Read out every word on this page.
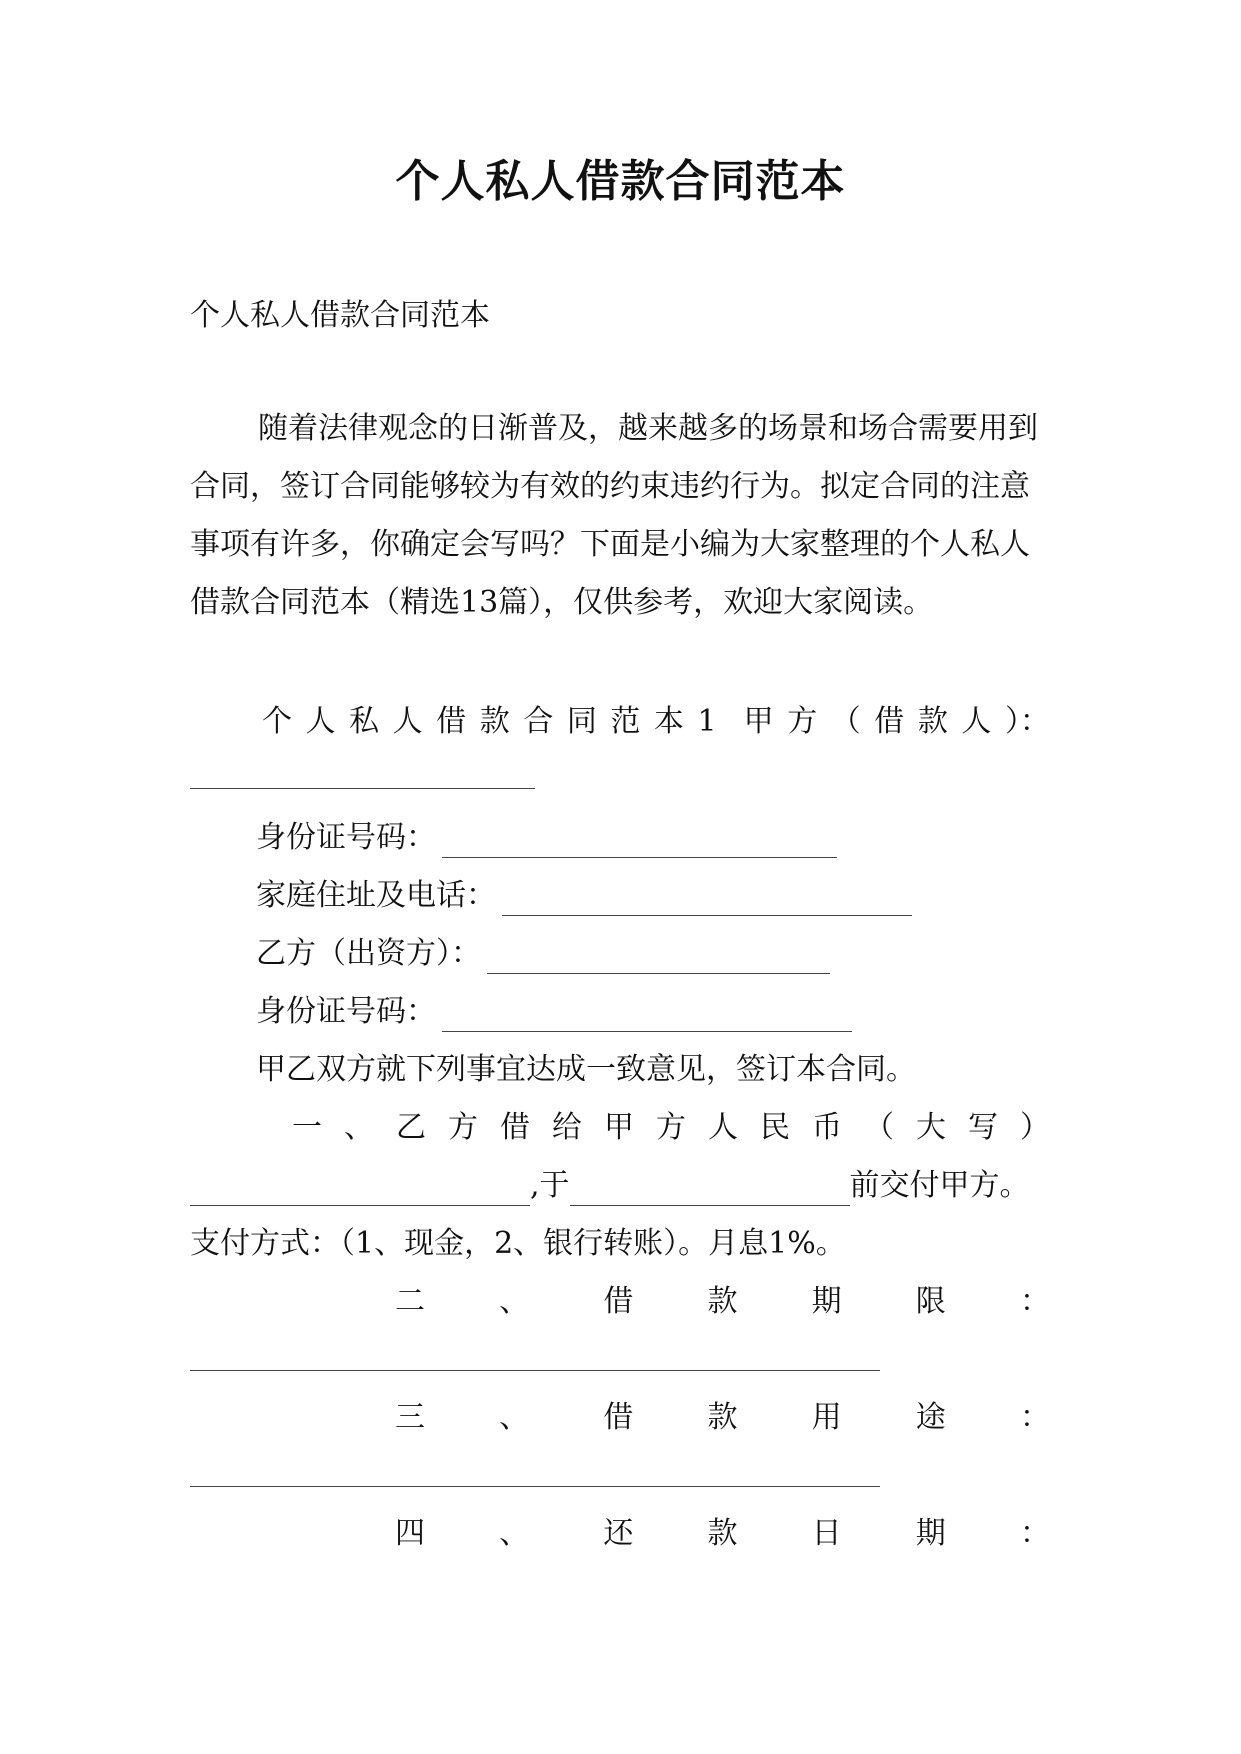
个人私人借款合同范本
个人私人借款合同范本
随着法律观念的日渐普及，越来越多的场景和场合需要用到合同，签订合同能够较为有效的约束违约行为。拟定合同的注意事项有许多，你确定会写吗？下面是小编为大家整理的个人私人借款合同范本（精选13篇），仅供参考，欢迎大家阅读。
个 人 私 人 借 款 合 同 范 本 1 甲 方 （ 借 款 人 ）：
身份证号码：
家庭住址及电话：
乙方（出资方）：
身份证号码：
甲乙双方就下列事宜达成一致意见，签订本合同。
一 、 乙 方 借 给 甲 方 人 民 币 （ 大 写 ）
,于	前交付甲方。
支付方式：（1、现金，2、银行转账）。月息1%。
二 、 借 款 期 限 ：
三 、 借 款 用 途 ：
四 、 还 款 日 期 ：
